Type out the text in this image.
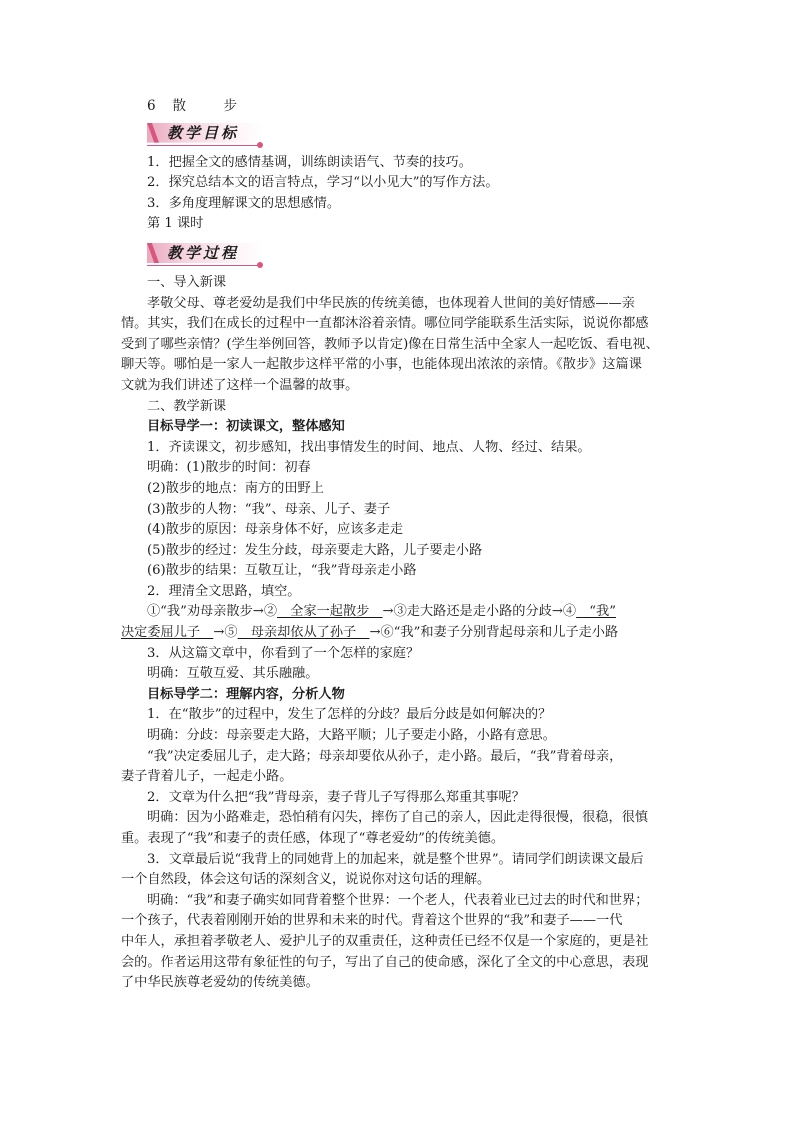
6 散　步
教学目标
1．把握全文的感情基调，训练朗读语气、节奏的技巧。
2．探究总结本文的语言特点，学习“以小见大”的写作方法。
3．多角度理解课文的思想感情。
第 1 课时
教学过程
一、导入新课
孝敬父母、尊老爱幼是我们中华民族的传统美德，也体现着人世间的美好情感——亲
情。其实，我们在成长的过程中一直都沐浴着亲情。哪位同学能联系生活实际，说说你都感
受到了哪些亲情？(学生举例回答，教师予以肯定)像在日常生活中全家人一起吃饭、看电视、
聊天等。哪怕是一家人一起散步这样平常的小事，也能体现出浓浓的亲情。《散步》这篇课
文就为我们讲述了这样一个温馨的故事。
二、教学新课
目标导学一：初读课文，整体感知
1．齐读课文，初步感知，找出事情发生的时间、地点、人物、经过、结果。
明确：(1)散步的时间：初春
(2)散步的地点：南方的田野上
(3)散步的人物：“我”、母亲、儿子、妻子
(4)散步的原因：母亲身体不好，应该多走走
(5)散步的经过：发生分歧，母亲要走大路，儿子要走小路
(6)散步的结果：互敬互让，“我”背母亲走小路
2．理清全文思路，填空。
①“我”劝母亲散步→②　全家一起散步　→③走大路还是走小路的分歧→④　“我”
决定委屈儿子　→⑤　母亲却依从了孙子　→⑥“我”和妻子分别背起母亲和儿子走小路
3．从这篇文章中，你看到了一个怎样的家庭？
明确：互敬互爱、其乐融融。
目标导学二：理解内容，分析人物
1．在“散步”的过程中，发生了怎样的分歧？最后分歧是如何解决的？
明确：分歧：母亲要走大路，大路平顺；儿子要走小路，小路有意思。
“我”决定委屈儿子，走大路；母亲却要依从孙子，走小路。最后，“我”背着母亲，
妻子背着儿子，一起走小路。
2．文章为什么把“我”背母亲，妻子背儿子写得那么郑重其事呢？
明确：因为小路难走，恐怕稍有闪失，摔伤了自己的亲人，因此走得很慢，很稳，很慎
重。表现了“我”和妻子的责任感，体现了“尊老爱幼”的传统美德。
3．文章最后说“我背上的同她背上的加起来，就是整个世界”。请同学们朗读课文最后
一个自然段，体会这句话的深刻含义，说说你对这句话的理解。
明确：“我”和妻子确实如同背着整个世界：一个老人，代表着业已过去的时代和世界；
一个孩子，代表着刚刚开始的世界和未来的时代。背着这个世界的“我”和妻子——一代
中年人，承担着孝敬老人、爱护儿子的双重责任，这种责任已经不仅是一个家庭的，更是社
会的。作者运用这带有象征性的句子，写出了自己的使命感，深化了全文的中心意思，表现
了中华民族尊老爱幼的传统美德。
